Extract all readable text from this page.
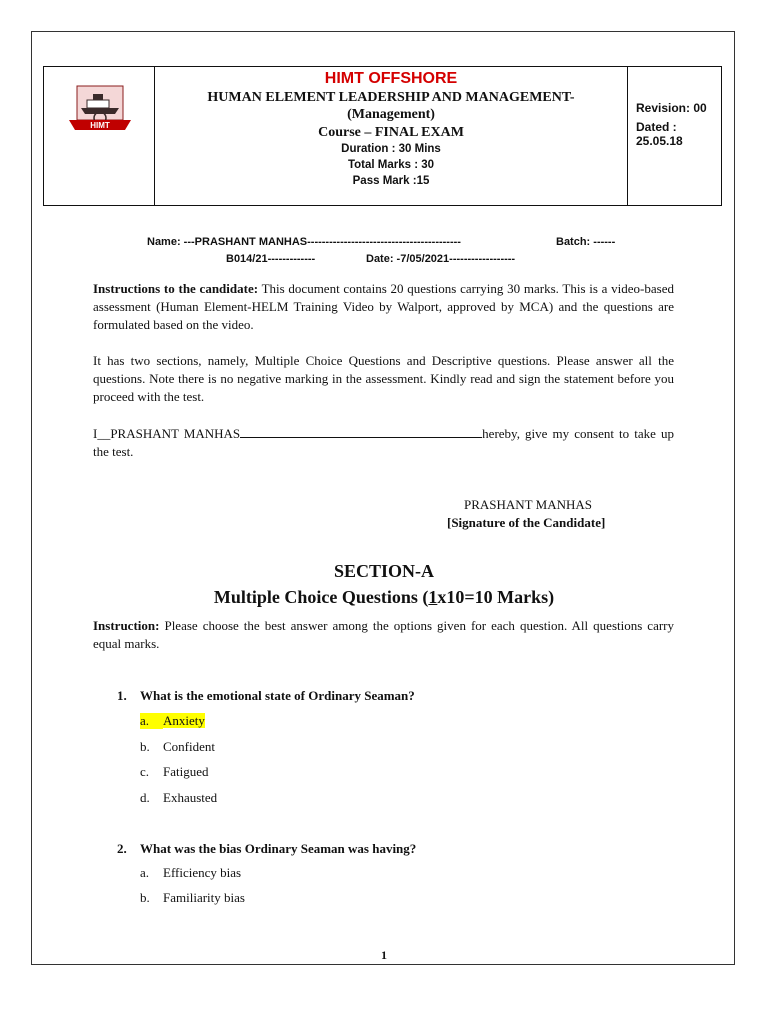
HIMT
HIMT OFFSHORE
HUMAN ELEMENT LEADERSHIP AND MANAGEMENT-
(Management)
Course – FINAL EXAM
Duration : 30 Mins
Total Marks : 30
Pass Mark :15
Revision: 00
Dated : 25.05.18
Name: ---PRASHANT MANHAS------------------------------------------	Batch: ------
B014/21-------------	Date: -7/05/2021------------------
Instructions to the candidate: This document contains 20 questions carrying 30 marks. This is a video-based assessment (Human Element-HELM Training Video by Walport, approved by MCA) and the questions are formulated based on the video.
It has two sections, namely, Multiple Choice Questions and Descriptive questions. Please answer all the questions. Note there is no negative marking in the assessment. Kindly read and sign the statement before you proceed with the test.
I__PRASHANT MANHAS	hereby, give my consent to take up the test.
PRASHANT MANHAS
[Signature of the Candidate]
SECTION-A
Multiple Choice Questions (1x10=10 Marks)
Instruction: Please choose the best answer among the options given for each question. All questions carry equal marks.
1. What is the emotional state of Ordinary Seaman?
a. Anxiety
b. Confident
c. Fatigued
d. Exhausted
2. What was the bias Ordinary Seaman was having?
a. Efficiency bias
b. Familiarity bias
1
